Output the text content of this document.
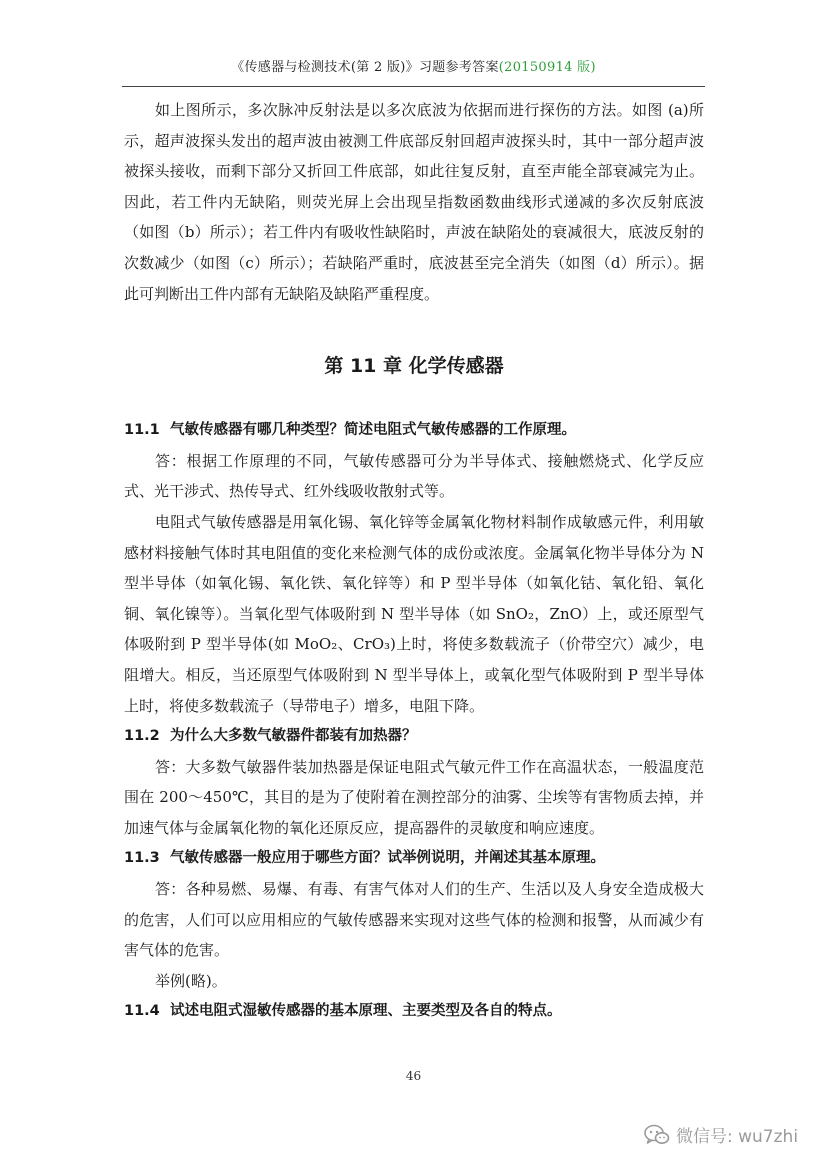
《传感器与检测技术(第 2 版)》习题参考答案(20150914 版)

如上图所示，多次脉冲反射法是以多次底波为依据而进行探伤的方法。如图 (a)所示，超声波探头发出的超声波由被测工件底部反射回超声波探头时，其中一部分超声波被探头接收，而剩下部分又折回工件底部，如此往复反射，直至声能全部衰减完为止。因此，若工件内无缺陷，则荧光屏上会出现呈指数函数曲线形式递减的多次反射底波（如图（b）所示）；若工件内有吸收性缺陷时，声波在缺陷处的衰减很大，底波反射的次数减少（如图（c）所示）；若缺陷严重时，底波甚至完全消失（如图（d）所示）。据此可判断出工件内部有无缺陷及缺陷严重程度。

第 11 章 化学传感器

11.1 气敏传感器有哪几种类型？简述电阻式气敏传感器的工作原理。

答：根据工作原理的不同，气敏传感器可分为半导体式、接触燃烧式、化学反应式、光干涉式、热传导式、红外线吸收散射式等。

电阻式气敏传感器是用氧化锡、氧化锌等金属氧化物材料制作成敏感元件，利用敏感材料接触气体时其电阻值的变化来检测气体的成份或浓度。金属氧化物半导体分为 N 型半导体（如氧化锡、氧化铁、氧化锌等）和 P 型半导体（如氧化钴、氧化铅、氧化铜、氧化镍等）。当氧化型气体吸附到 N 型半导体（如 SnO₂，ZnO）上，或还原型气体吸附到 P 型半导体(如 MoO₂、CrO₃)上时，将使多数载流子（价带空穴）减少，电阻增大。相反，当还原型气体吸附到 N 型半导体上，或氧化型气体吸附到 P 型半导体上时，将使多数载流子（导带电子）增多，电阻下降。

11.2 为什么大多数气敏器件都装有加热器？

答：大多数气敏器件装加热器是保证电阻式气敏元件工作在高温状态，一般温度范围在 200～450℃，其目的是为了使附着在测控部分的油雾、尘埃等有害物质去掉，并加速气体与金属氧化物的氧化还原反应，提高器件的灵敏度和响应速度。

11.3 气敏传感器一般应用于哪些方面？试举例说明，并阐述其基本原理。

答：各种易燃、易爆、有毒、有害气体对人们的生产、生活以及人身安全造成极大的危害，人们可以应用相应的气敏传感器来实现对这些气体的检测和报警，从而减少有害气体的危害。

举例(略)。

11.4 试述电阻式湿敏传感器的基本原理、主要类型及各自的特点。

46
微信号: wu7zhi
